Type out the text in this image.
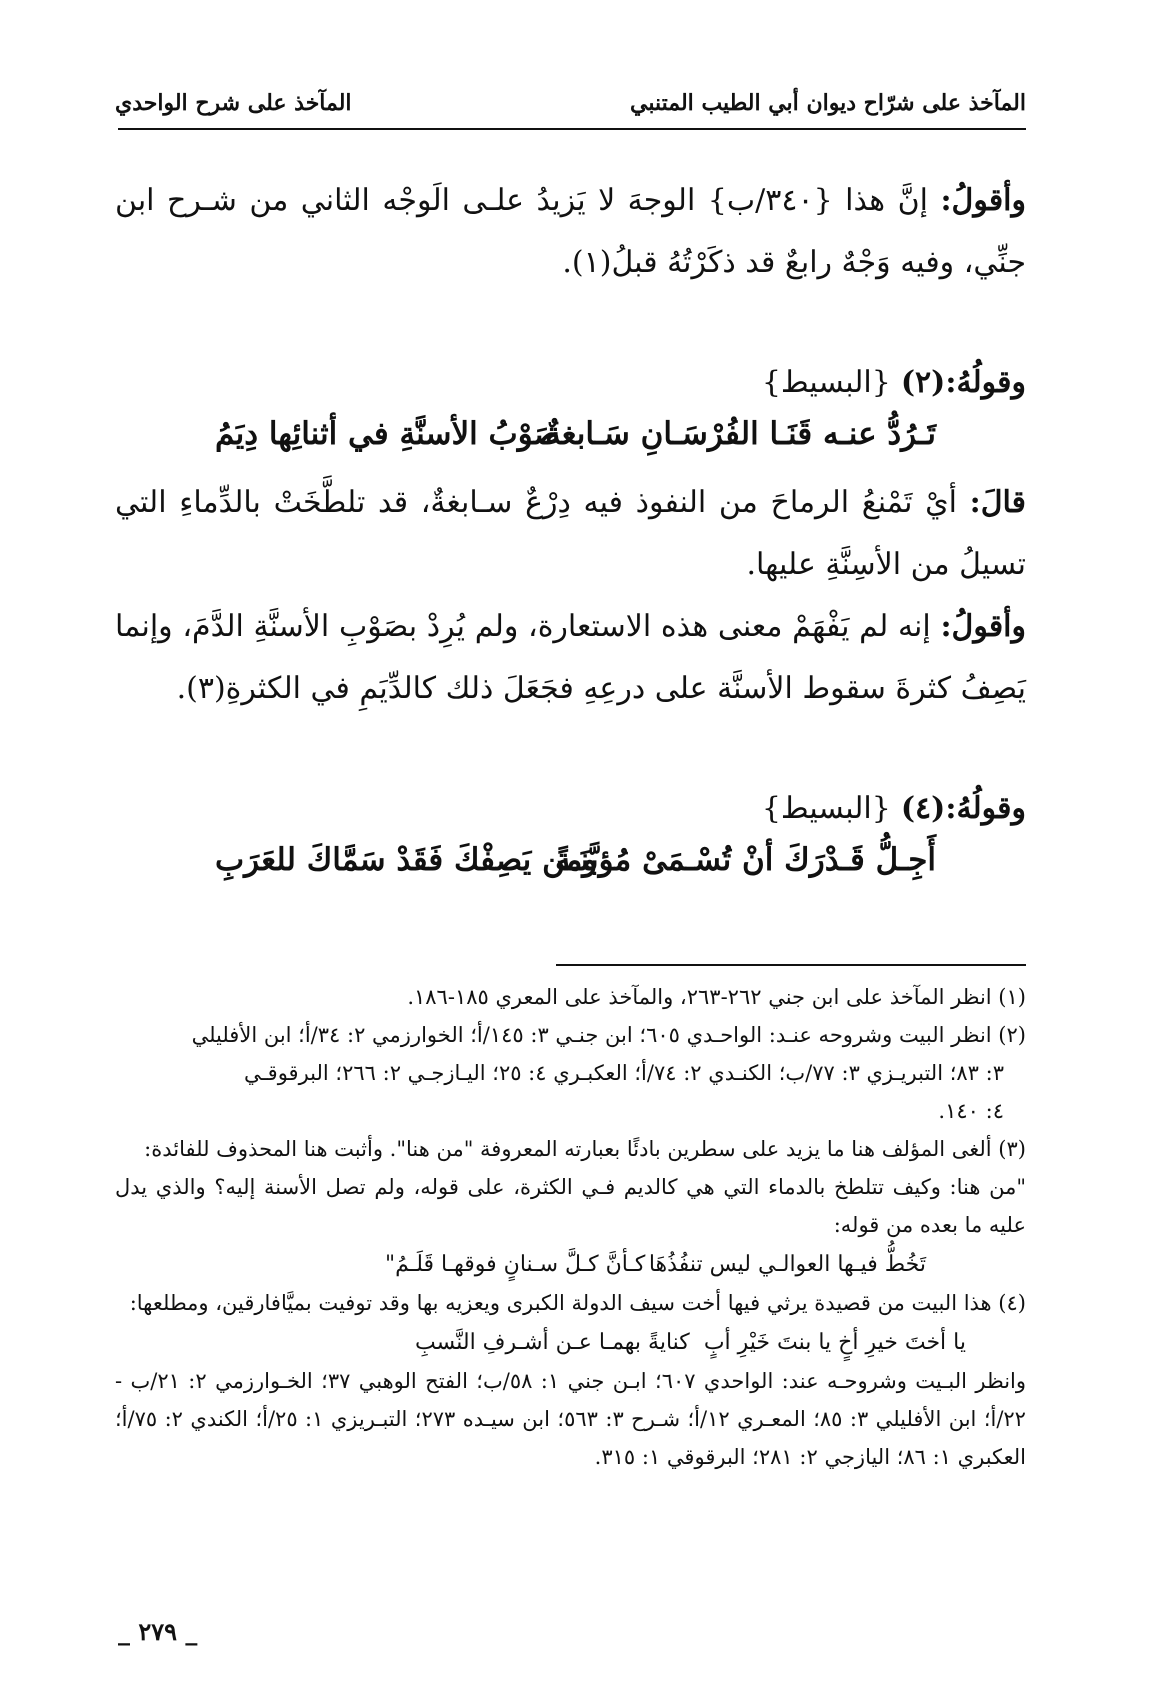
المآخذ على شرّاح ديوان أبي الطيب المتنبي
المآخذ على شرح الواحدي

وأقولُ: إنَّ هذا {٣٤٠/ب} الوجهَ لا يَزيدُ علـى الَوجْه الثاني من شـرح ابن جنِّي، وفيه وَجْهٌ رابعٌ قد ذكَرْتُهُ قبلُ(١).

وقولُهُ:(٢){البسيط}
تَـرُدُّ عنـه قَنَـا الفُرْسَـانِ سَـابغةٌ
صَوْبُ الأسنَّةِ في أثنائِها دِيَمُ

قالَ: أيْ تَمْنعُ الرماحَ من النفوذ فيه دِرْعٌ سـابغةٌ، قد تلطَّخَتْ بالدِّماءِ التي تسيلُ من الأسِنَّةِ عليها.

وأقولُ: إنه لم يَفْهَمْ معنى هذه الاستعارة، ولم يُرِدْ بصَوْبِ الأسنَّةِ الدَّمَ، وإنما يَصِفُ كثرةَ سقوط الأسنَّة على درعِهِ فجَعَلَ ذلك كالدِّيَمِ في الكثرةِ(٣).

وقولُهُ:(٤){البسيط}
أَجِـلُّ قَـدْرَكَ أنْ تُسْـمَىْ مُؤبَّنَـةً
ومن يَصِفْكَ فَقَدْ سَمَّاكَ للعَرَبِ

(١) انظر المآخذ على ابن جني ٢٦٢-٢٦٣، والمآخذ على المعري ١٨٥-١٨٦.

(٢) انظر البيت وشروحه عنـد: الواحـدي ٦٠٥؛ ابن جنـي ٣: ١٤٥/أ؛ الخوارزمي ٢: ٣٤/أ؛ ابن الأفليلي

٣: ٨٣؛ التبريـزي ٣: ٧٧/ب؛ الكنـدي ٢: ٧٤/أ؛ العكبـري ٤: ٢٥؛ اليـازجـي ٢: ٢٦٦؛ البرقوقـي

٤: ١٤٠.

(٣) ألغى المؤلف هنا ما يزيد على سطرين بادئًا بعبارته المعروفة "من هنا". وأثبت هنا المحذوف للفائدة:

"من هنا: وكيف تتلطخ بالدماء التي هي كالديم فـي الكثرة، على قوله، ولم تصل الأسنة إليه؟ والذي يدل عليه ما بعده من قوله:

تَخُطُّ فيـها العوالـي ليس تنفُذُهَا
كـأنَّ كـلَّ سـنانٍ فوقهـا قَلَـمُ"

(٤) هذا البيت من قصيدة يرثي فيها أخت سيف الدولة الكبرى ويعزيه بها وقد توفيت بميَّافارقين، ومطلعها:

يا أختَ خيرِ أخٍ يا بنتَ خَيْرِ أبٍ
كنايةً بهمـا عـن أشـرفِ النَّسبِ

وانظر البـيت وشروحـه عند: الواحدي ٦٠٧؛ ابـن جني ١: ٥٨/ب؛ الفتح الوهبي ٣٧؛ الخـوارزمي ٢: ٢١/ب - ٢٢/أ؛ ابن الأفليلي ٣: ٨٥؛ المعـري ١٢/أ؛ شـرح ٣: ٥٦٣؛ ابن سيـده ٢٧٣؛ التبـريزي ١: ٢٥/أ؛ الكندي ٢: ٧٥/أ؛ العكبري ١: ٨٦؛ اليازجي ٢: ٢٨١؛ البرقوقي ١: ٣١٥.

_ ٢٧٩ _
